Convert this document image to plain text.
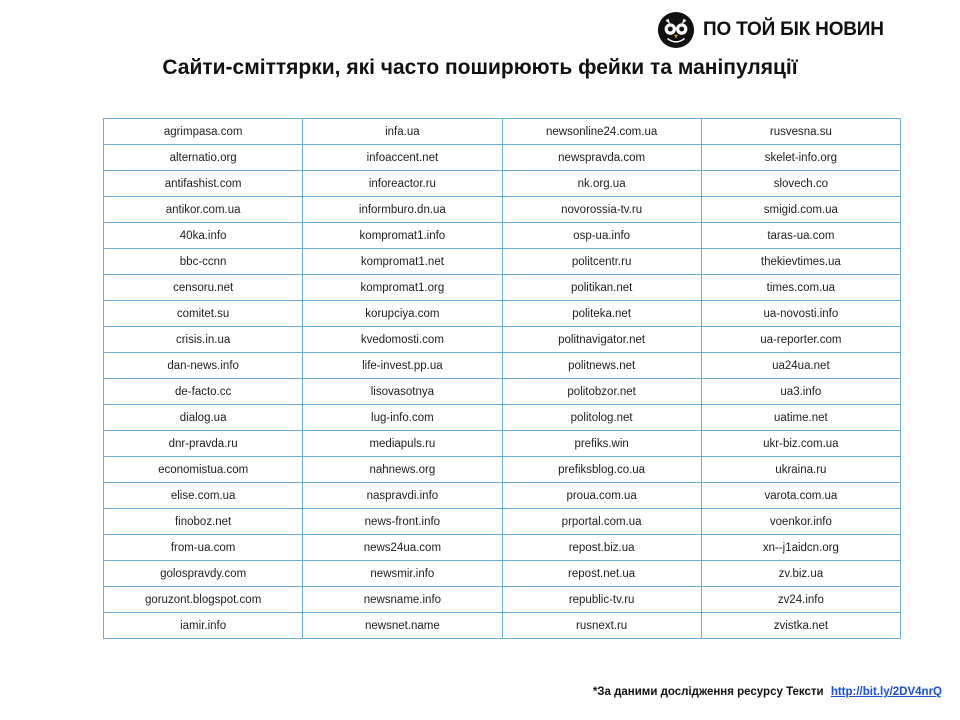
ПО ТОЙ БІК НОВИН
Сайти-сміттярки, які часто поширюють фейки та маніпуляції
agrimpasa.com	infa.ua	newsonline24.com.ua	rusvesna.su
alternatio.org	infoaccent.net	newspravda.com	skelet-info.org
antifashist.com	inforeactor.ru	nk.org.ua	slovech.co
antikor.com.ua	informburo.dn.ua	novorossia-tv.ru	smigid.com.ua
40ka.info	kompromat1.info	osp-ua.info	taras-ua.com
bbc-ccnn	kompromat1.net	politcentr.ru	thekievtimes.ua
censoru.net	kompromat1.org	politikan.net	times.com.ua
comitet.su	korupciya.com	politeka.net	ua-novosti.info
crisis.in.ua	kvedomosti.com	politnavigator.net	ua-reporter.com
dan-news.info	life-invest.pp.ua	politnews.net	ua24ua.net
de-facto.cc	lisovasotnya	politobzor.net	ua3.info
dialog.ua	lug-info.com	politolog.net	uatime.net
dnr-pravda.ru	mediapuls.ru	prefiks.win	ukr-biz.com.ua
economistua.com	nahnews.org	prefiksblog.co.ua	ukraina.ru
elise.com.ua	naspravdi.info	proua.com.ua	varota.com.ua
finoboz.net	news-front.info	prportal.com.ua	voenkor.info
from-ua.com	news24ua.com	repost.biz.ua	xn--j1aidcn.org
golospravdy.com	newsmir.info	repost.net.ua	zv.biz.ua
goruzont.blogspot.com	newsname.info	republic-tv.ru	zv24.info
iamir.info	newsnet.name	rusnext.ru	zvistka.net
*За даними дослідження ресурсу Тексти http://bit.ly/2DV4nrQ
